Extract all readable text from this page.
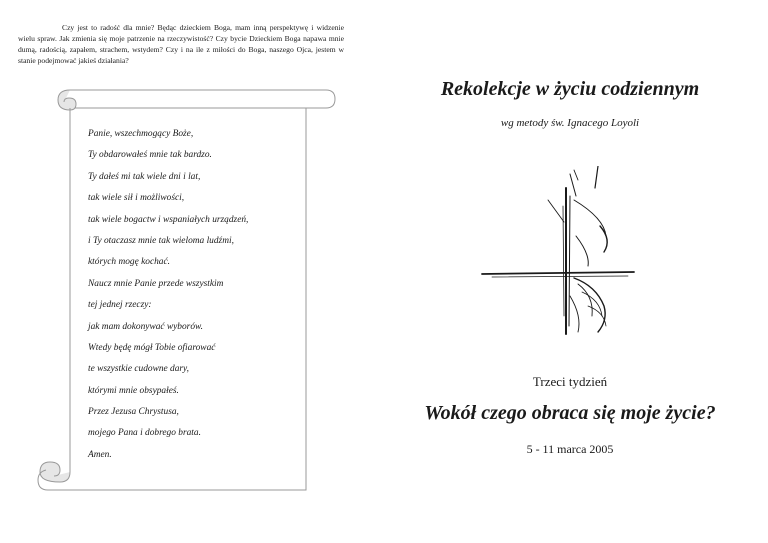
Czy jest to radość dla mnie? Będąc dzieckiem Boga, mam inną perspektywę i widzenie wielu spraw. Jak zmienia się moje patrzenie na rzeczywistość? Czy bycie Dzieckiem Boga napawa mnie dumą, radością, zapałem, strachem, wstydem? Czy i na ile z miłości do Boga, naszego Ojca, jestem w stanie podejmować jakieś działania?

Panie, wszechmogący Boże,
Ty obdarowałeś mnie tak bardzo.
Ty dałeś mi tak wiele dni i lat,
tak wiele sił i możliwości,
tak wiele bogactw i wspaniałych urządzeń,
i Ty otaczasz mnie tak wieloma ludźmi,
których mogę kochać.
Naucz mnie Panie przede wszystkim
tej jednej rzeczy:
jak mam dokonywać wyborów.
Wtedy będę mógł Tobie ofiarować
te wszystkie cudowne dary,
którymi mnie obsypałeś.
Przez Jezusa Chrystusa,
mojego Pana i dobrego brata.
Amen.
Rekolekcje w życiu codziennym

wg metody św. Ignacego Loyoli

Trzeci tydzień

Wokół czego obraca się moje życie?

5 - 11 marca 2005
